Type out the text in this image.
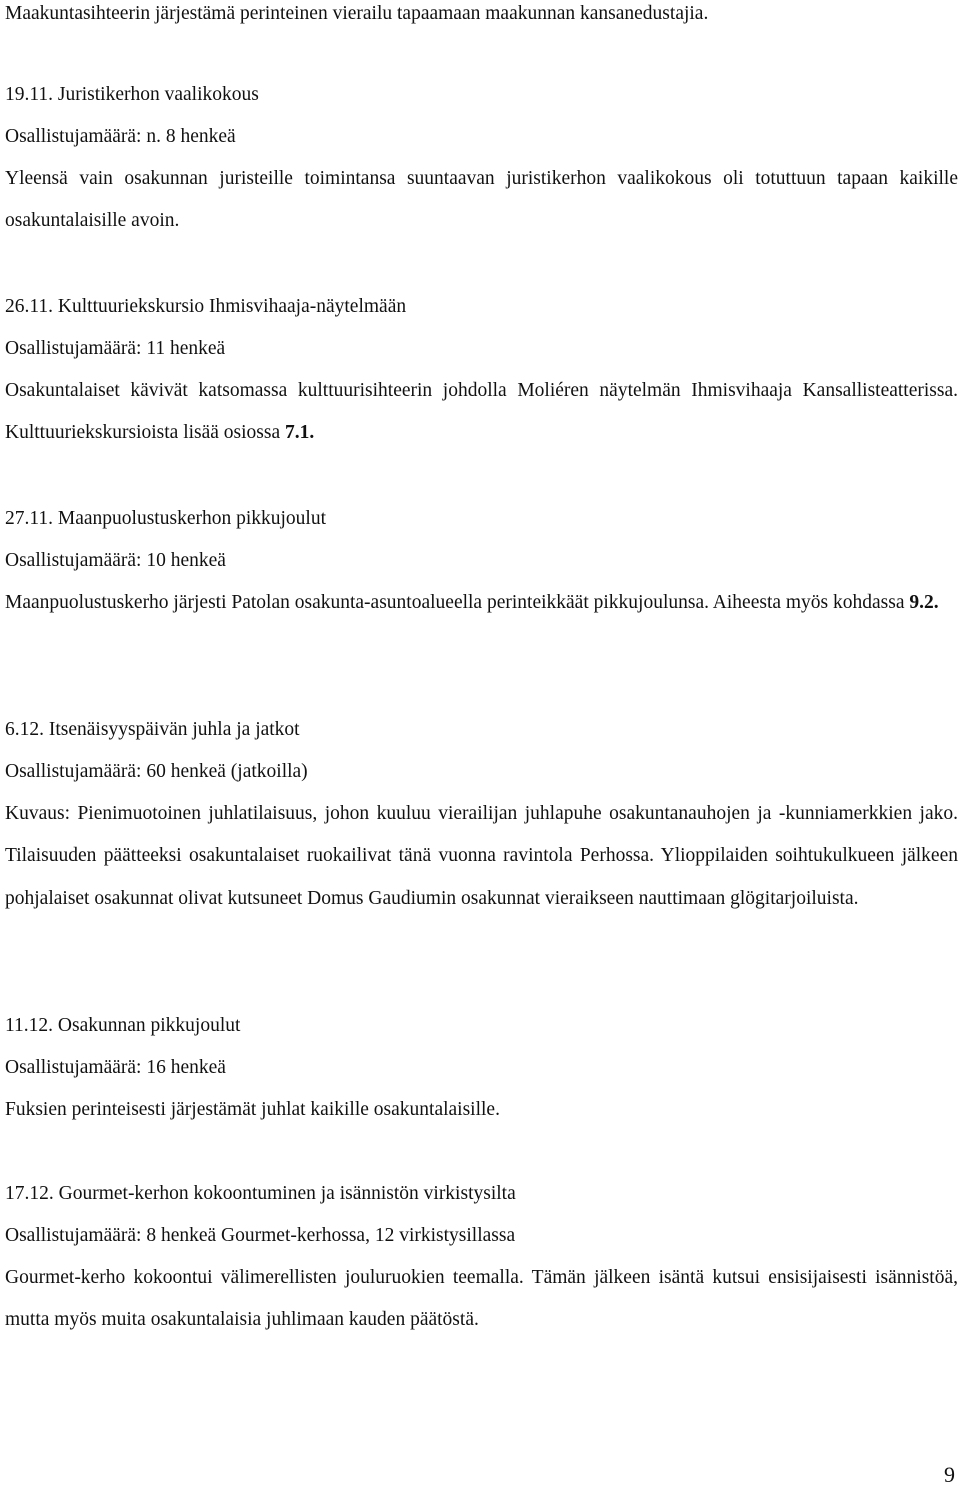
Maakuntasihteerin järjestämä perinteinen vierailu tapaamaan maakunnan kansanedustajia.

19.11. Juristikerhon vaalikokous

Osallistujamäärä: n. 8 henkeä

Yleensä vain osakunnan juristeille toimintansa suuntaavan juristikerhon vaalikokous oli totuttuun tapaan kaikille osakuntalaisille avoin.

26.11. Kulttuuriekskursio Ihmisvihaaja-näytelmään

Osallistujamäärä: 11 henkeä

Osakuntalaiset kävivät katsomassa kulttuurisihteerin johdolla Moliéren näytelmän Ihmisvihaaja Kansallisteatterissa. Kulttuuriekskursioista lisää osiossa 7.1.

27.11. Maanpuolustuskerhon pikkujoulut

Osallistujamäärä: 10 henkeä

Maanpuolustuskerho järjesti Patolan osakunta-asuntoalueella perinteikkäät pikkujoulunsa. Aiheesta myös kohdassa 9.2.

6.12. Itsenäisyyspäivän juhla ja jatkot

Osallistujamäärä: 60 henkeä (jatkoilla)

Kuvaus: Pienimuotoinen juhlatilaisuus, johon kuuluu vierailijan juhlapuhe osakuntanauhojen ja -kunniamerkkien jako. Tilaisuuden päätteeksi osakuntalaiset ruokailivat tänä vuonna ravintola Perhossa. Ylioppilaiden soihtukulkueen jälkeen pohjalaiset osakunnat olivat kutsuneet Domus Gaudiumin osakunnat vieraikseen nauttimaan glögitarjoiluista.

11.12. Osakunnan pikkujoulut

Osallistujamäärä: 16 henkeä

Fuksien perinteisesti järjestämät juhlat kaikille osakuntalaisille.

17.12. Gourmet-kerhon kokoontuminen ja isännistön virkistysilta

Osallistujamäärä: 8 henkeä Gourmet-kerhossa, 12 virkistysillassa

Gourmet-kerho kokoontui välimerellisten jouluruokien teemalla. Tämän jälkeen isäntä kutsui ensisijaisesti isännistöä, mutta myös muita osakuntalaisia juhlimaan kauden päätöstä.

9
